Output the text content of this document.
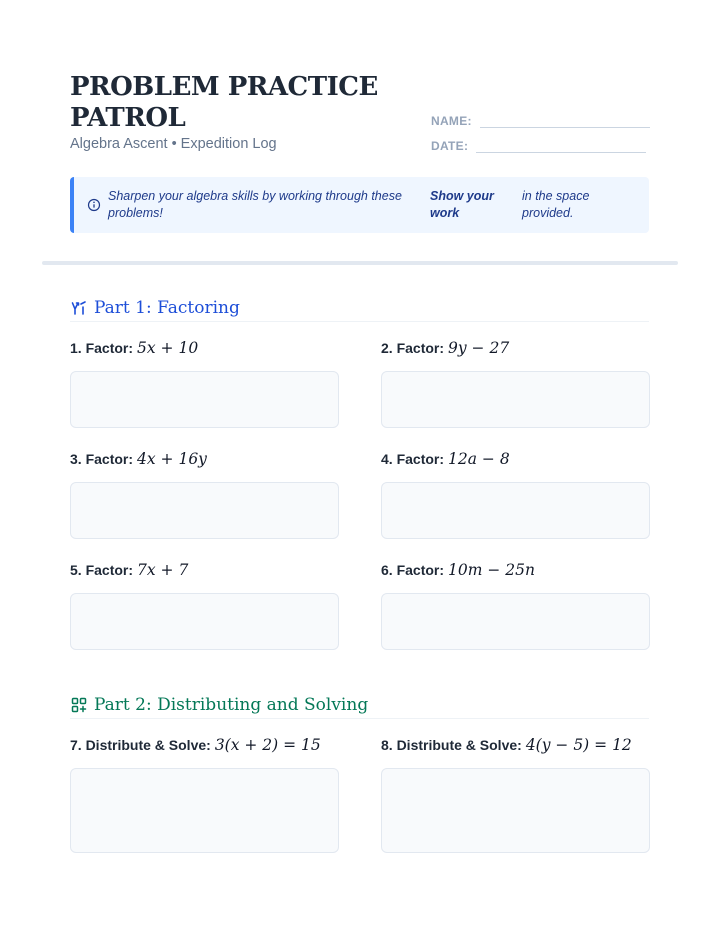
PROBLEM PRACTICE PATROL
Algebra Ascent • Expedition Log
NAME:
DATE:
Sharpen your algebra skills by working through these problems!
Show your work
in the space provided.
Part 1: Factoring
1. Factor: 5x + 10	2. Factor: 9y − 27
3. Factor: 4x + 16y	4. Factor: 12a − 8
5. Factor: 7x + 7	6. Factor: 10m − 25n
Part 2: Distributing and Solving
7. Distribute & Solve: 3(x + 2) = 15	8. Distribute & Solve: 4(y − 5) = 12
